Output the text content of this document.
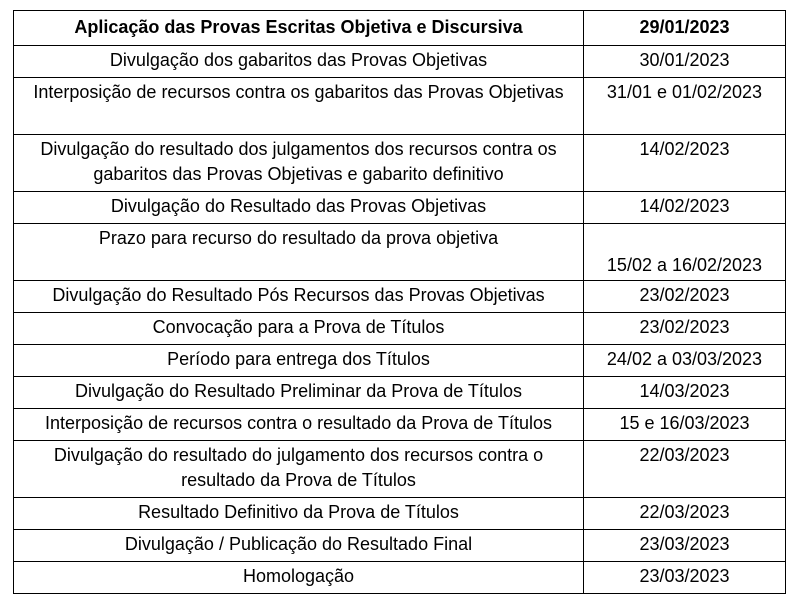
Aplicação das Provas Escritas Objetiva e Discursiva	29/01/2023
Divulgação dos gabaritos das Provas Objetivas	30/01/2023
Interposição de recursos contra os gabaritos das Provas Objetivas	31/01 e 01/02/2023
Divulgação do resultado dos julgamentos dos recursos contra os gabaritos das Provas Objetivas e gabarito definitivo	14/02/2023
Divulgação do Resultado das Provas Objetivas	14/02/2023
Prazo para recurso do resultado da prova objetiva	15/02 a 16/02/2023
Divulgação do Resultado Pós Recursos das Provas Objetivas	23/02/2023
Convocação para a Prova de Títulos	23/02/2023
Período para entrega dos Títulos	24/02 a 03/03/2023
Divulgação do Resultado Preliminar da Prova de Títulos	14/03/2023
Interposição de recursos contra o resultado da Prova de Títulos	15 e 16/03/2023
Divulgação do resultado do julgamento dos recursos contra o resultado da Prova de Títulos	22/03/2023
Resultado Definitivo da Prova de Títulos	22/03/2023
Divulgação / Publicação do Resultado Final	23/03/2023
Homologação	23/03/2023
